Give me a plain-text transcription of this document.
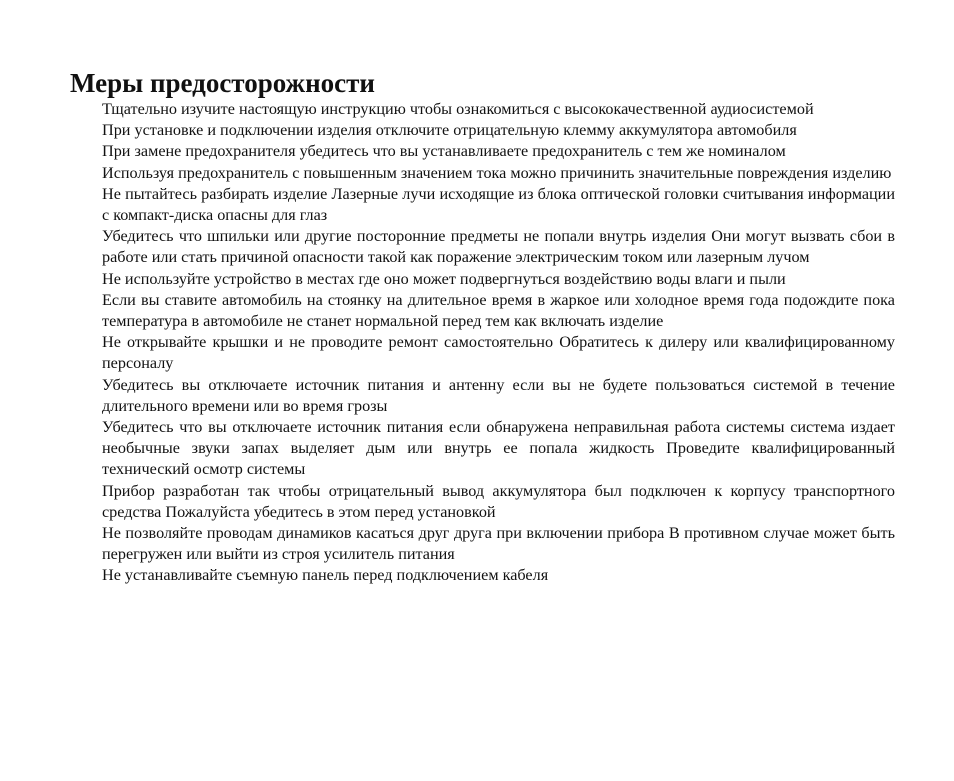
Меры предосторожности
Тщательно изучите настоящую инструкцию чтобы ознакомиться с высококачественной аудиосистемой
При установке и подключении изделия отключите отрицательную клемму аккумулятора автомобиля
При замене предохранителя убедитесь что вы устанавливаете предохранитель с тем же номиналом
Используя предохранитель с повышенным значением тока можно причинить значительные повреждения изделию
Не пытайтесь разбирать изделие Лазерные лучи исходящие из блока оптической головки считывания информации с компакт-диска опасны для глаз
Убедитесь что шпильки или другие посторонние предметы не попали внутрь изделия Они могут вызвать сбои в работе или стать причиной опасности такой как поражение электрическим током или лазерным лучом
Не используйте устройство в местах где оно может подвергнуться воздействию воды влаги и пыли
Если вы ставите автомобиль на стоянку на длительное время в жаркое или холодное время года подождите пока температура в автомобиле не станет нормальной перед тем как включать изделие
Не открывайте крышки и не проводите ремонт самостоятельно Обратитесь к дилеру или квалифицированному персоналу
Убедитесь вы отключаете источник питания и антенну если вы не будете пользоваться системой в течение длительного времени или во время грозы
Убедитесь что вы отключаете источник питания если обнаружена неправильная работа системы система издает необычные звуки запах выделяет дым или внутрь ее попала жидкость Проведите квалифицированный технический осмотр системы
Прибор разработан так чтобы отрицательный вывод аккумулятора был подключен к корпусу транспортного средства Пожалуйста убедитесь в этом перед установкой
Не позволяйте проводам динамиков касаться друг друга при включении прибора В противном случае может быть перегружен или выйти из строя усилитель питания
Не устанавливайте съемную панель перед подключением кабеля
